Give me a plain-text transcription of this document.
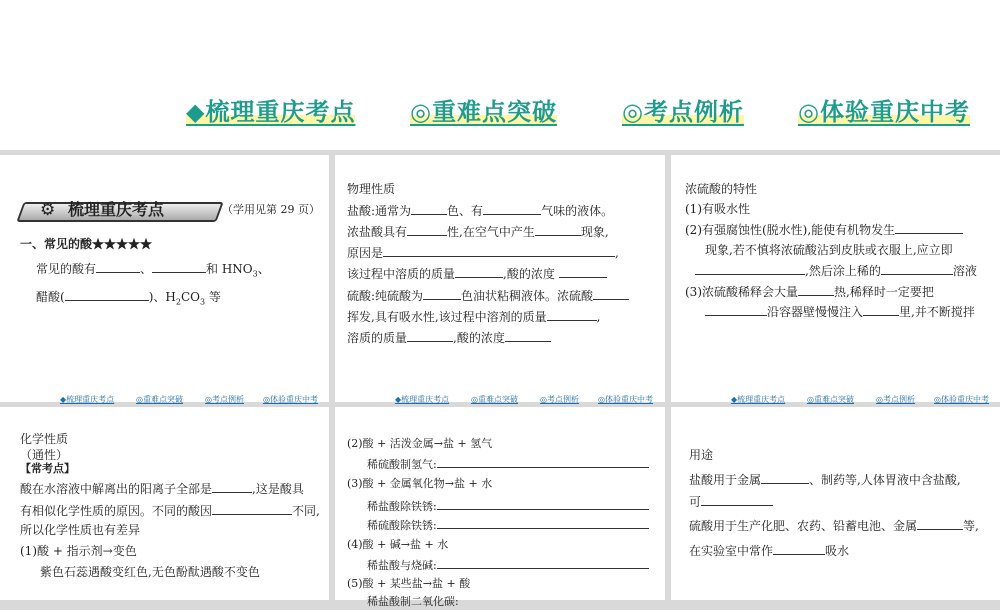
◆梳理重庆考点 ◎重难点突破	◎考点例析 ◎体验重庆中考
⚙ 梳理重庆考点	（学用见第 29 页）
一、常见的酸★★★★★
常见的酸有	、	和 $HNO_3$、
醋酸(	)、$H_2CO_3$ 等
◆梳理重庆考点	◎重难点突破	◎考点例析 ◎体验重庆中考
物理性质
盐酸:通常为	色、有	气味的液体。
浓盐酸具有	性,在空气中产生	现象,
原因是	,
该过程中溶质的质量	,酸的浓度
硫酸:纯硫酸为	色油状粘稠液体。浓硫酸
挥发,具有吸水性,该过程中溶剂的质量	,
溶质的质量	,酸的浓度
◆梳理重庆考点	◎重难点突破	◎考点例析 ◎体验重庆中考
浓硫酸的特性
(1)有吸水性
(2)有强腐蚀性(脱水性),能使有机物发生
现象,若不慎将浓硫酸沾到皮肤或衣服上,应立即
,然后涂上稀的	溶液
(3)浓硫酸稀释会大量	热,稀释时一定要把
沿容器壁慢慢注入	里,并不断搅拌
◆梳理重庆考点	◎重难点突破	◎考点例析 ◎体验重庆中考
化学性质
（通性）
【常考点】
酸在水溶液中解离出的阳离子全部是	,这是酸具
有相似化学性质的原因。不同的酸因	不同,
所以化学性质也有差异
(1)酸 + 指示剂→变色
紫色石蕊遇酸变红色,无色酚酞遇酸不变色
(2)酸 + 活泼金属→盐 + 氢气
稀硫酸制氢气:
(3)酸 + 金属氧化物→盐 + 水
稀盐酸除铁锈:
稀硫酸除铁锈:
(4)酸 + 碱→盐 + 水
稀盐酸与烧碱:
(5)酸 + 某些盐→盐 + 酸
稀盐酸制二氧化碳:
用途
盐酸用于金属	、制药等,人体胃液中含盐酸,
可
硫酸用于生产化肥、农药、铅蓄电池、金属	等,
在实验室中常作	吸水
